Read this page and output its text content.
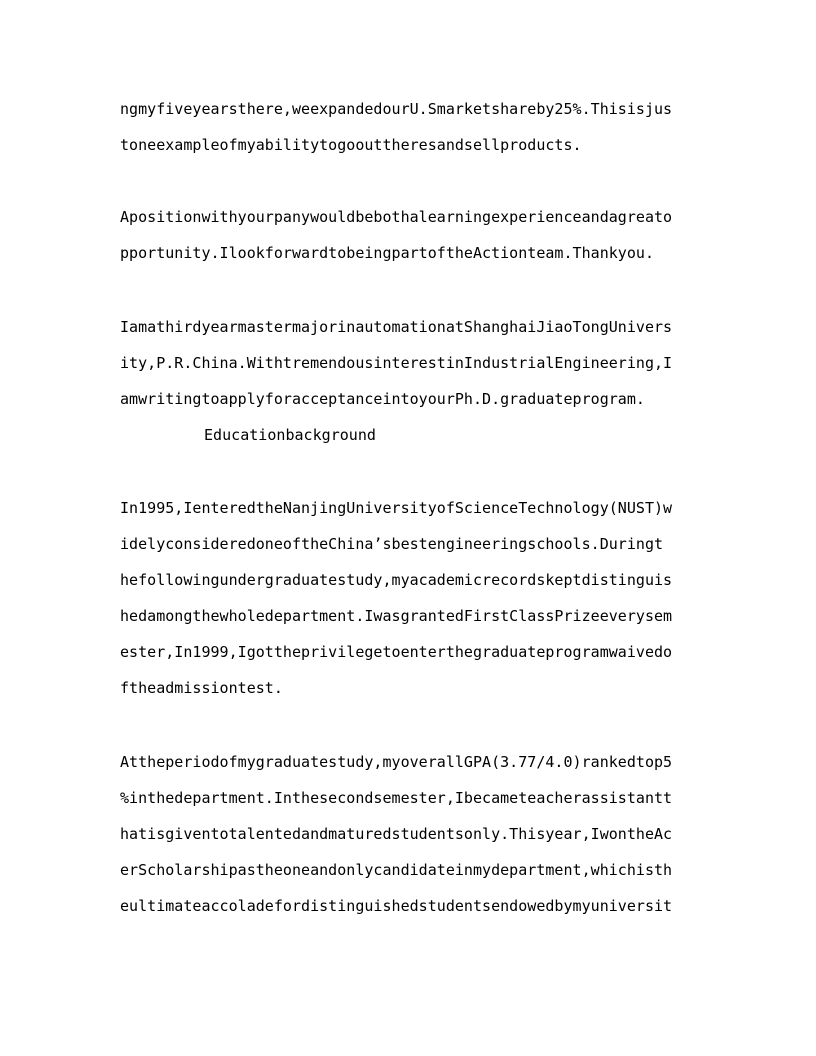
ngmyfiveyearsthere,weexpandedourU.Smarketshareby25%.Thisisjus
toneexampleofmyabilitytogoouttheresandsellproducts.
Apositionwithyourpanywouldbebothalearningexperienceandagreato
pportunity.IlookforwardtobeingpartoftheActionteam.Thankyou.
IamathirdyearmastermajorinautomationatShanghaiJiaoTongUnivers
ity,P.R.China.WithtremendousinterestinIndustrialEngineering,I
amwritingtoapplyforacceptanceintoyourPh.D.graduateprogram.
Educationbackground
In1995,IenteredtheNanjingUniversityofScienceTechnology(NUST)w
idelyconsideredoneoftheChina’sbestengineeringschools.Duringt
hefollowingundergraduatestudy,myacademicrecordskeptdistinguis
hedamongthewholedepartment.IwasgrantedFirstClassPrizeeverysem
ester,In1999,Igottheprivilegetoenterthegraduateprogramwaivedo
ftheadmissiontest.
Attheperiodofmygraduatestudy,myoverallGPA(3.77/4.0)rankedtop5
%inthedepartment.Inthesecondsemester,Ibecameteacherassistantt
hatisgiventotalentedandmaturedstudentsonly.Thisyear,IwontheAc
erScholarshipastheoneandonlycandidateinmydepartment,whichisth
eultimateaccoladefordistinguishedstudentsendowedbymyuniversit
